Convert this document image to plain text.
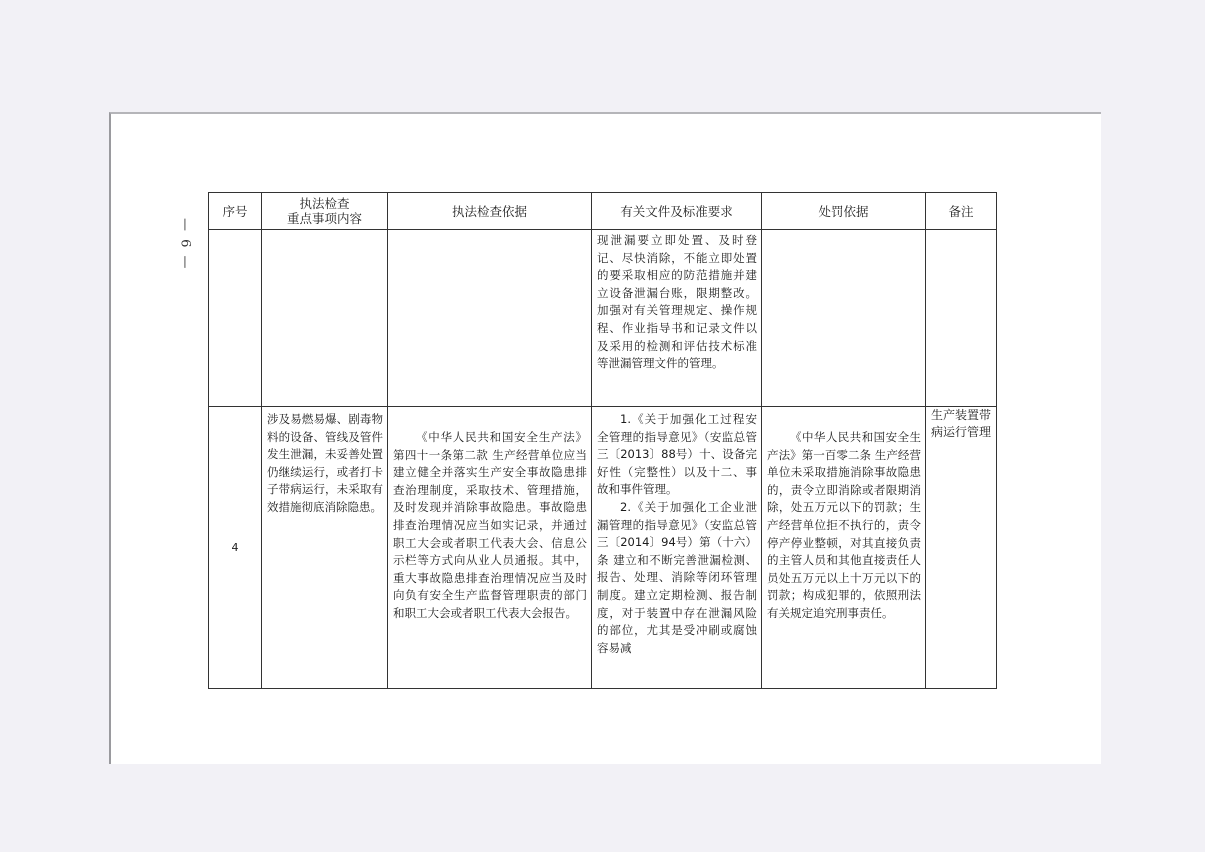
— 6 —
序号	执法检查
重点事项内容	执法检查依据	有关文件及标准要求	处罚依据	备注

			现泄漏要立即处置、及时登记、尽快消除，不能立即处置的要采取相应的防范措施并建立设备泄漏台账，限期整改。加强对有关管理规定、操作规程、作业指导书和记录文件以及采用的检测和评估技术标准等泄漏管理文件的管理。		

4	涉及易燃易爆、剧毒物料的设备、管线及管件发生泄漏，未妥善处置仍继续运行，或者打卡子带病运行，未采取有效措施彻底消除隐患。	《中华人民共和国安全生产法》第四十一条第二款 生产经营单位应当建立健全并落实生产安全事故隐患排查治理制度，采取技术、管理措施，及时发现并消除事故隐患。事故隐患排查治理情况应当如实记录，并通过职工大会或者职工代表大会、信息公示栏等方式向从业人员通报。其中，重大事故隐患排查治理情况应当及时向负有安全生产监督管理职责的部门和职工大会或者职工代表大会报告。	1.《关于加强化工过程安全管理的指导意见》（安监总管三〔2013〕88号）十、设备完好性（完整性）以及十二、事故和事件管理。
2.《关于加强化工企业泄漏管理的指导意见》（安监总管三〔2014〕94号）第（十六）条 建立和不断完善泄漏检测、报告、处理、消除等闭环管理制度。建立定期检测、报告制度，对于装置中存在泄漏风险的部位，尤其是受冲刷或腐蚀容易减	《中华人民共和国安全生产法》第一百零二条 生产经营单位未采取措施消除事故隐患的，责令立即消除或者限期消除，处五万元以下的罚款；生产经营单位拒不执行的，责令停产停业整顿，对其直接负责的主管人员和其他直接责任人员处五万元以上十万元以下的罚款；构成犯罪的，依照刑法有关规定追究刑事责任。	生产装置带病运行管理
